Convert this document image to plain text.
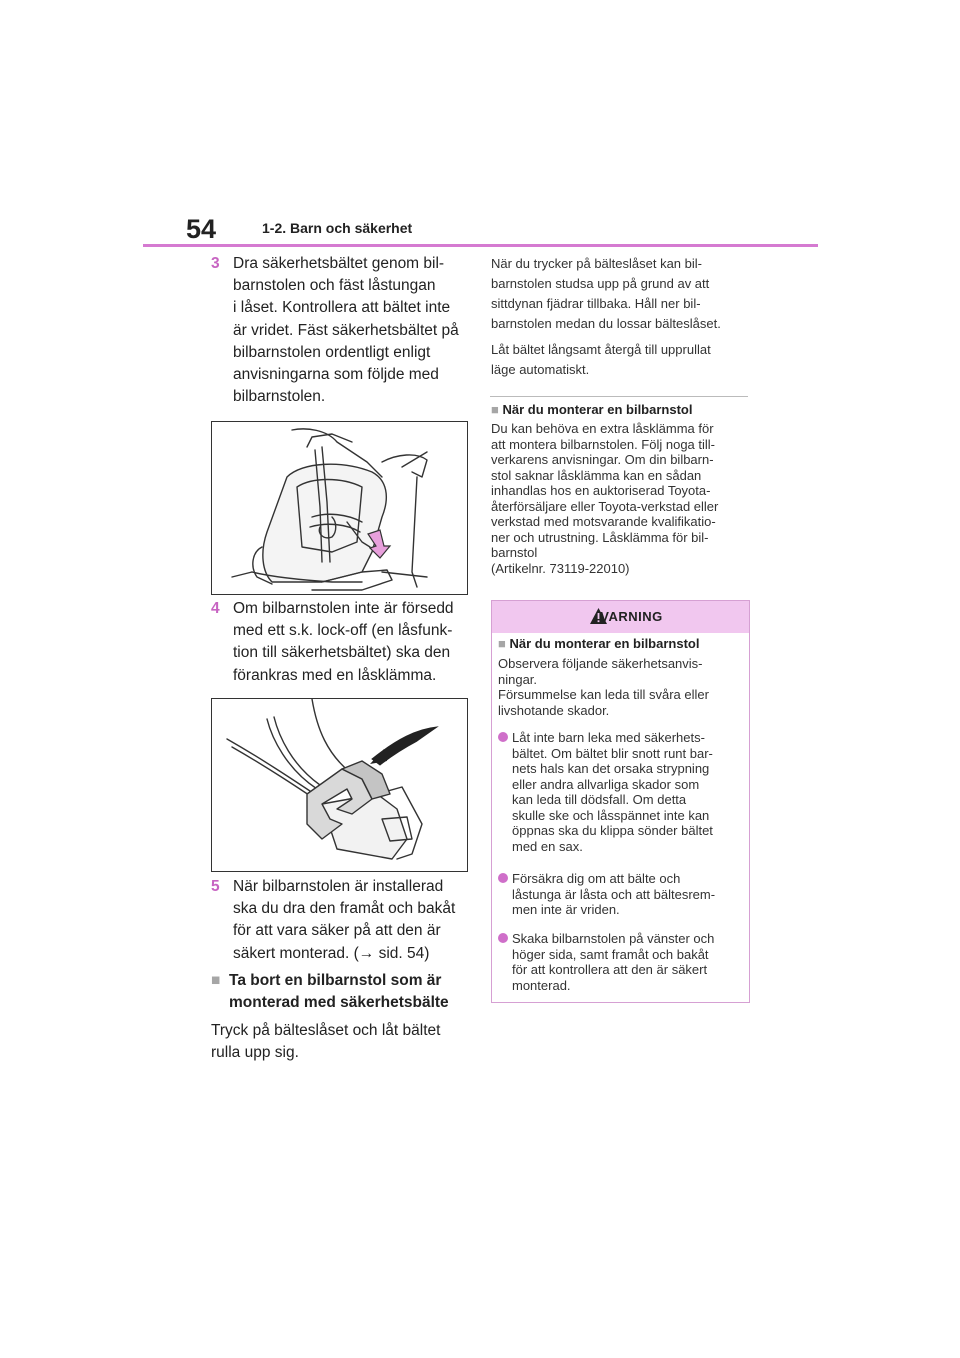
54	1-2. Barn och säkerhet
3 Dra säkerhetsbältet genom bil-
barnstolen och fäst låstungan
i låset. Kontrollera att bältet inte
är vridet. Fäst säkerhetsbältet på
bilbarnstolen ordentligt enligt
anvisningarna som följde med
bilbarnstolen.
4 Om bilbarnstolen inte är försedd
med ett s.k. lock-off (en låsfunk-
tion till säkerhetsbältet) ska den
förankras med en låsklämma.
5 När bilbarnstolen är installerad
ska du dra den framåt och bakåt
för att vara säker på att den är
säkert monterad. (→ sid. 54)
■ Ta bort en bilbarnstol som är
monterad med säkerhetsbälte
Tryck på bälteslåset och låt bältet
rulla upp sig.
När du trycker på bälteslåset kan bil-
barnstolen studsa upp på grund av att
sittdynan fjädrar tillbaka. Håll ner bil-
barnstolen medan du lossar bälteslåset.
Låt bältet långsamt återgå till upprullat
läge automatiskt.
■ När du monterar en bilbarnstol
Du kan behöva en extra låsklämma för
att montera bilbarnstolen. Följ noga till-
verkarens anvisningar. Om din bilbarn-
stol saknar låsklämma kan en sådan
inhandlas hos en auktoriserad Toyota-
återförsäljare eller Toyota-verkstad eller
verkstad med motsvarande kvalifikatio-
ner och utrustning. Låsklämma för bil-
barnstol
(Artikelnr. 73119-22010)
VARNING
■ När du monterar en bilbarnstol
Observera följande säkerhetsanvis-
ningar.
Försummelse kan leda till svåra eller
livshotande skador.
Låt inte barn leka med säkerhets-
bältet. Om bältet blir snott runt bar-
nets hals kan det orsaka strypning
eller andra allvarliga skador som
kan leda till dödsfall. Om detta
skulle ske och låsspännet inte kan
öppnas ska du klippa sönder bältet
med en sax.
Försäkra dig om att bälte och
låstunga är låsta och att bältesrem-
men inte är vriden.
Skaka bilbarnstolen på vänster och
höger sida, samt framåt och bakåt
för att kontrollera att den är säkert
monterad.
